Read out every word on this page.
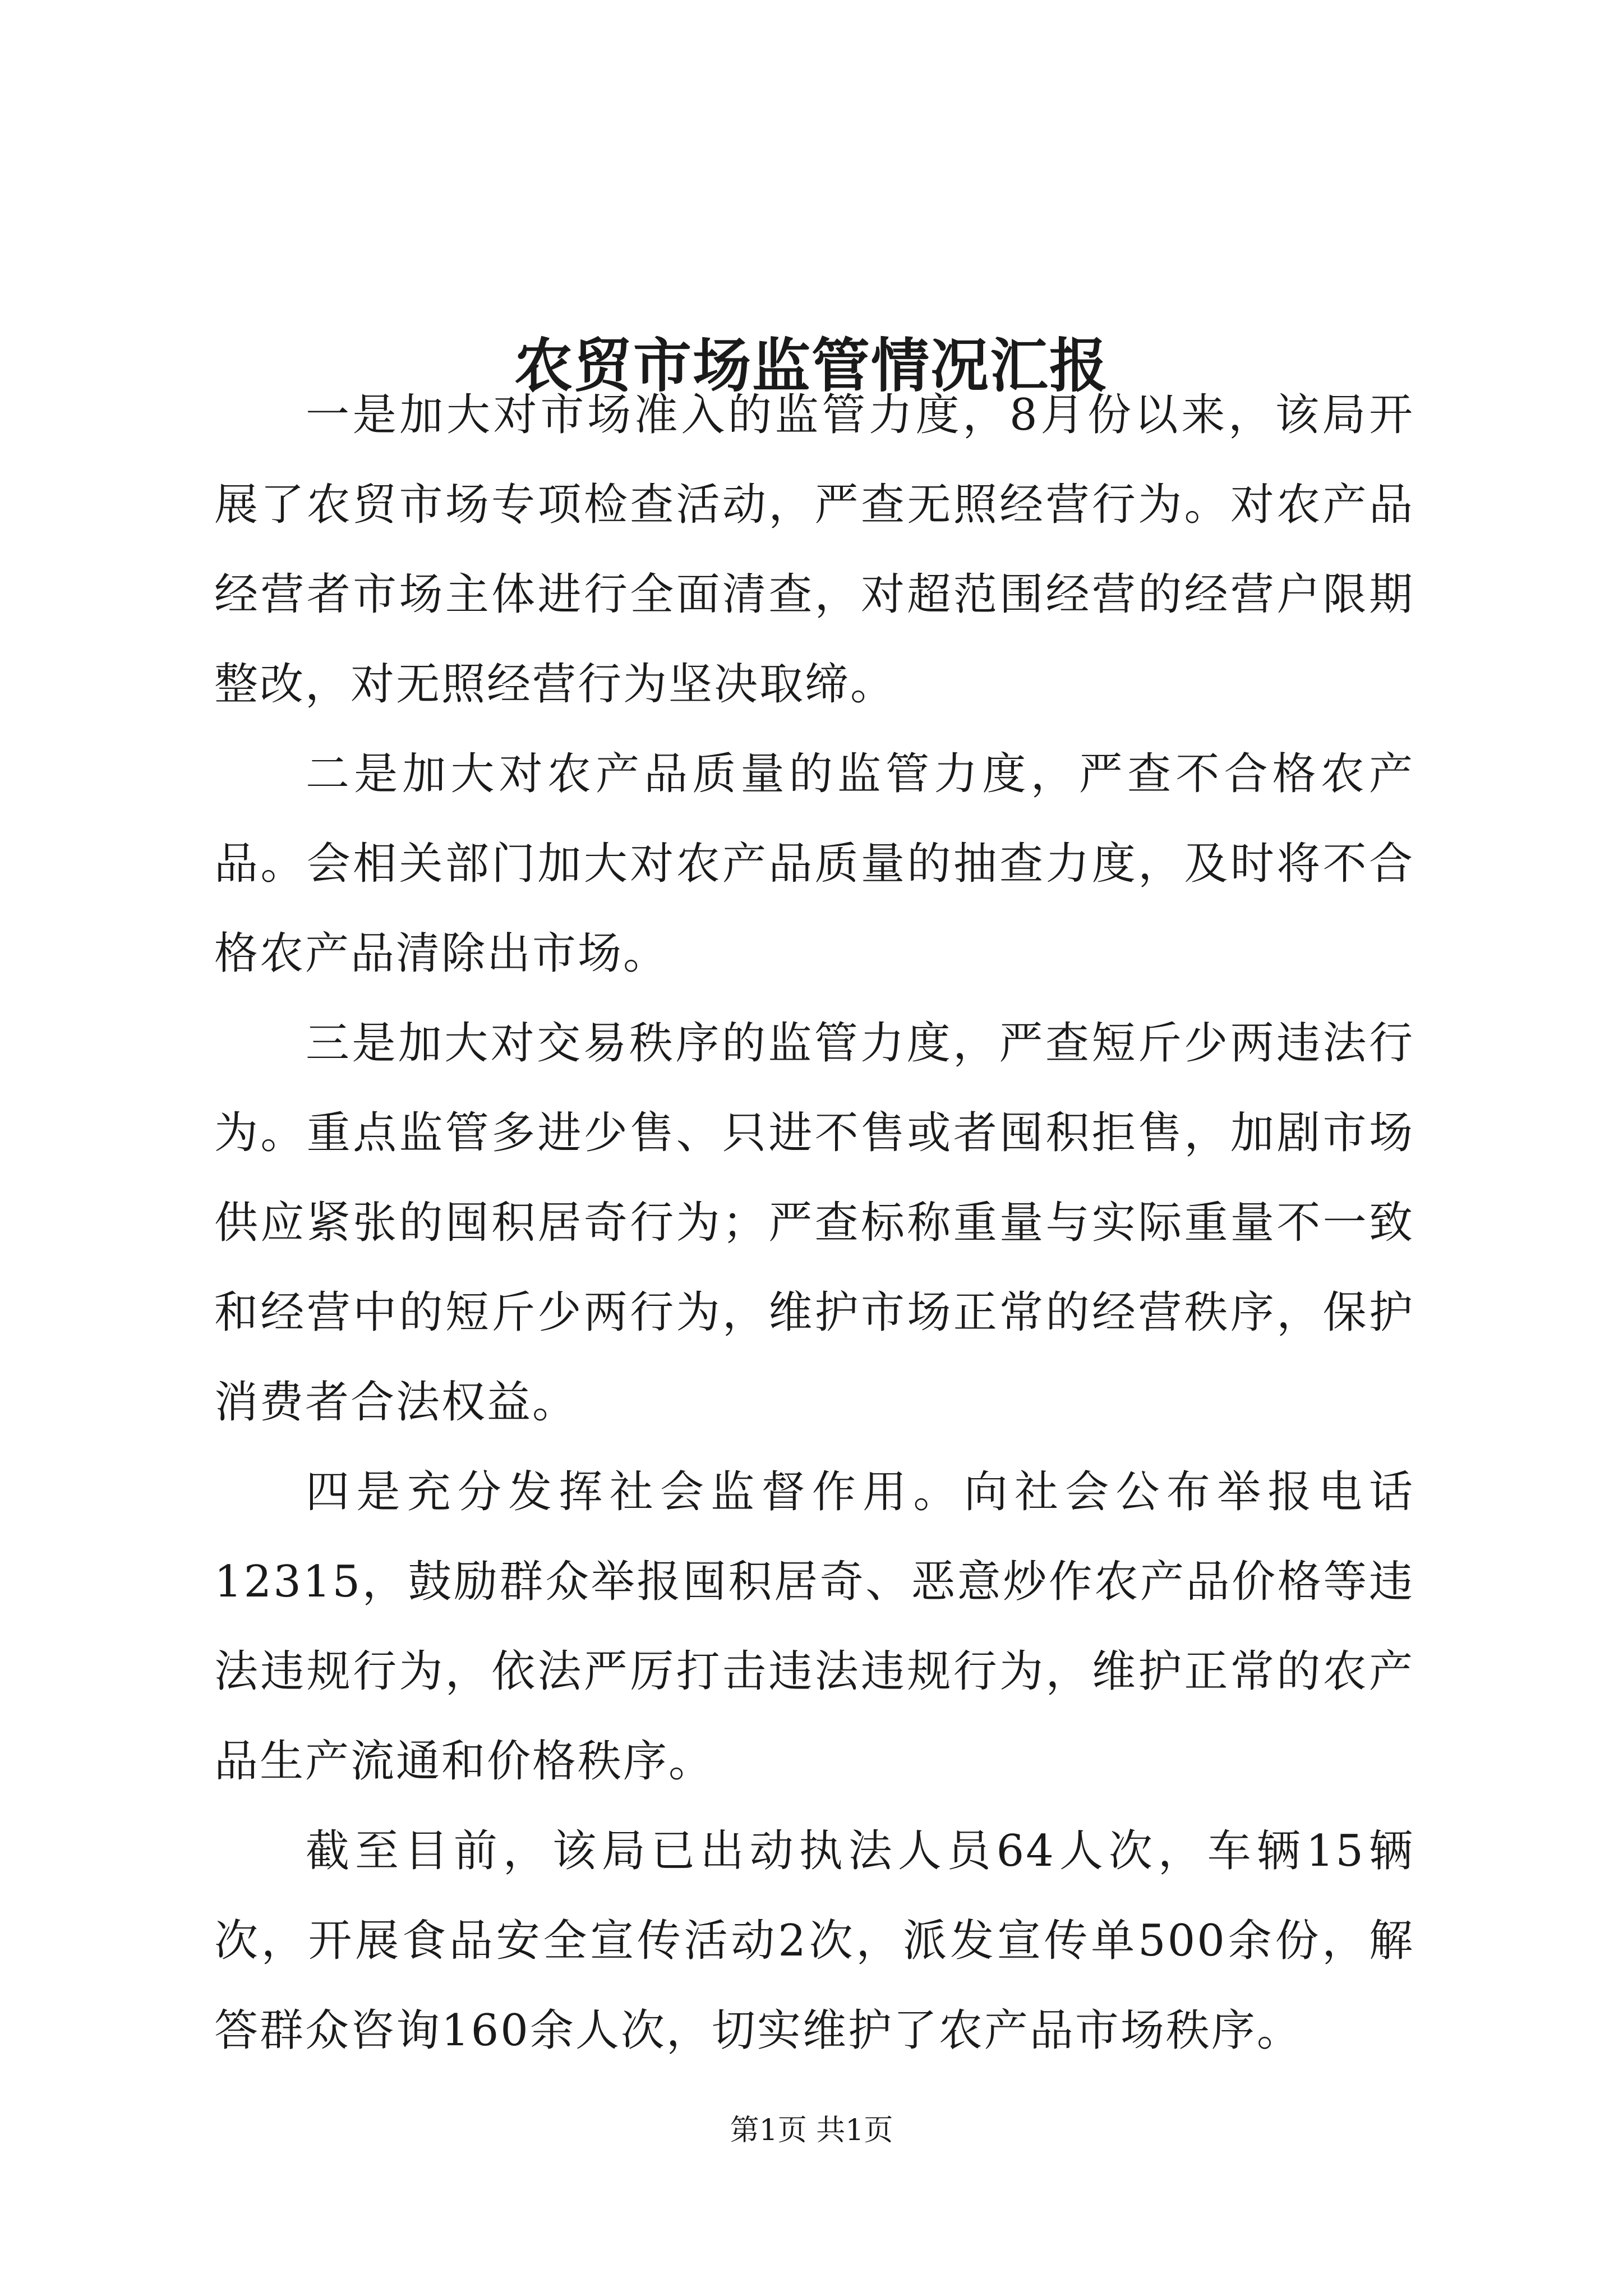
农贸市场监管情况汇报

一是加大对市场准入的监管力度，8月份以来，该局开展了农贸市场专项检查活动，严查无照经营行为。对农产品经营者市场主体进行全面清查，对超范围经营的经营户限期整改，对无照经营行为坚决取缔。

二是加大对农产品质量的监管力度，严查不合格农产品。会相关部门加大对农产品质量的抽查力度，及时将不合格农产品清除出市场。

三是加大对交易秩序的监管力度，严查短斤少两违法行为。重点监管多进少售、只进不售或者囤积拒售，加剧市场供应紧张的囤积居奇行为；严查标称重量与实际重量不一致和经营中的短斤少两行为，维护市场正常的经营秩序，保护消费者合法权益。

四是充分发挥社会监督作用。向社会公布举报电话12315，鼓励群众举报囤积居奇、恶意炒作农产品价格等违法违规行为，依法严厉打击违法违规行为，维护正常的农产品生产流通和价格秩序。

截至目前，该局已出动执法人员64人次，车辆15辆次，开展食品安全宣传活动2次，派发宣传单500余份，解答群众咨询160余人次，切实维护了农产品市场秩序。

第1页 共1页
